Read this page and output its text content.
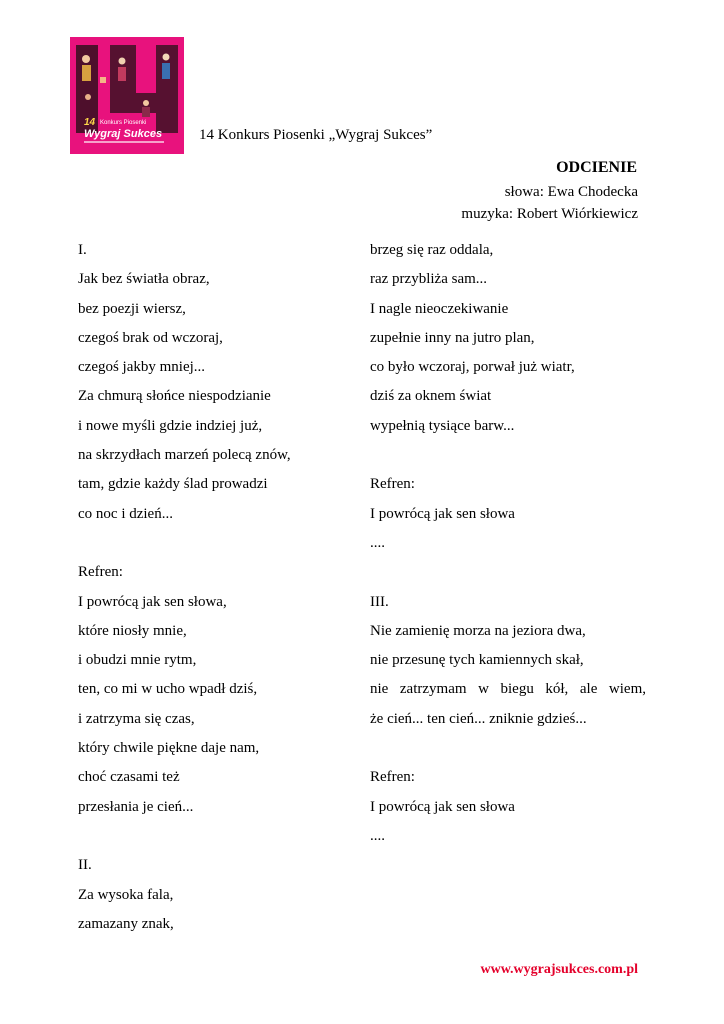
14 Konkurs Piosenki
Wygraj Sukces 14 Konkurs Piosenki „Wygraj Sukces”
ODCIENIE
słowa: Ewa Chodecka
muzyka: Robert Wiórkiewicz
I.
Jak bez światła obraz,
bez poezji wiersz,
czegoś brak od wczoraj,
czegoś jakby mniej...
Za chmurą słońce niespodzianie
i nowe myśli gdzie indziej już,
na skrzydłach marzeń polecą znów,
tam, gdzie każdy ślad prowadzi
co noc i dzień...
Refren:
I powrócą jak sen słowa,
które niosły mnie,
i obudzi mnie rytm,
ten, co mi w ucho wpadł dziś,
i zatrzyma się czas,
który chwile piękne daje nam,
choć czasami też
przesłania je cień...
II.
Za wysoka fala,
zamazany znak,
brzeg się raz oddala,
raz przybliża sam...
I nagle nieoczekiwanie
zupełnie inny na jutro plan,
co było wczoraj, porwał już wiatr,
dziś za oknem świat
wypełnią tysiące barw...
Refren:
I powrócą jak sen słowa
....
III.
Nie zamienię morza na jeziora dwa,
nie przesunę tych kamiennych skał,
nie zatrzymam w biegu kół, ale wiem,
że cień... ten cień... zniknie gdzieś...
Refren:
I powrócą jak sen słowa
....
www.wygrajsukces.com.pl
